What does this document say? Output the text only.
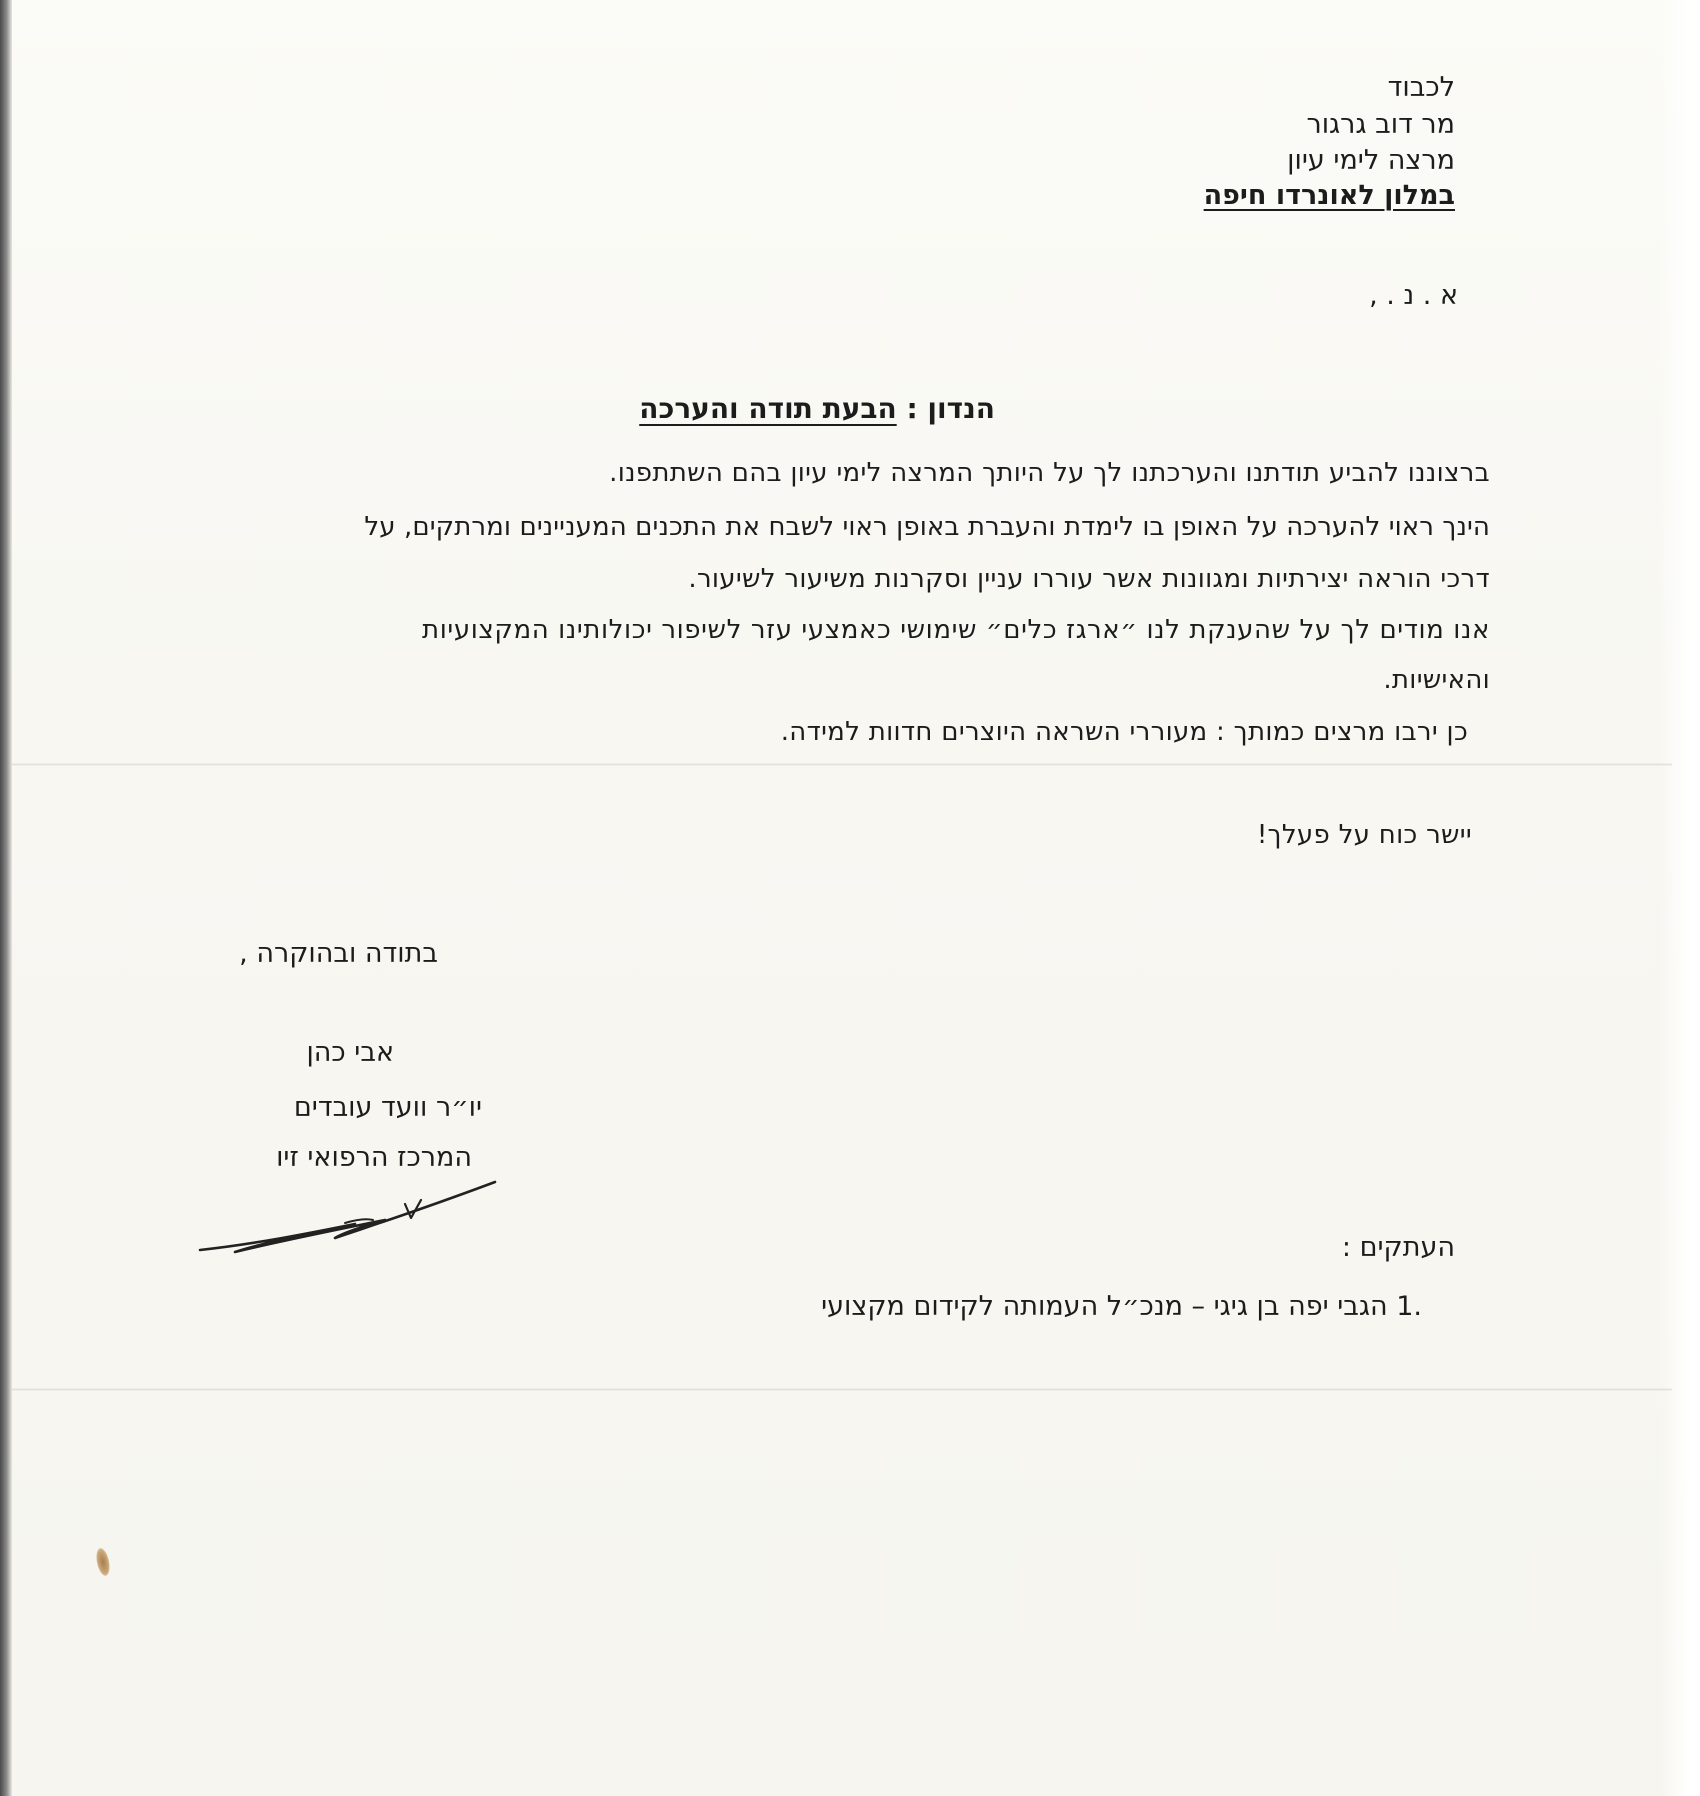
לכבוד
מר דוב גרגור
מרצה לימי עיון
במלון לאונרדו חיפה
א . נ . ,
הנדון : הבעת תודה והערכה
ברצוננו להביע תודתנו והערכתנו לך על היותך המרצה לימי עיון בהם השתתפנו.
הינך ראוי להערכה על האופן בו לימדת והעברת באופן ראוי לשבח את התכנים המעניינים ומרתקים, על
דרכי הוראה יצירתיות ומגוונות אשר עוררו עניין וסקרנות משיעור לשיעור.
אנו מודים לך על שהענקת לנו ״ארגז כלים״ שימושי כאמצעי עזר לשיפור יכולותינו המקצועיות
והאישיות.
כן ירבו מרצים כמותך : מעוררי השראה היוצרים חדוות למידה.
יישר כוח על פעלך!
בתודה ובהוקרה ,
אבי כהן
יו״ר וועד עובדים
המרכז הרפואי זיו
העתקים :
1. הגבי יפה בן גיגי – מנכ״ל העמותה לקידום מקצועי
